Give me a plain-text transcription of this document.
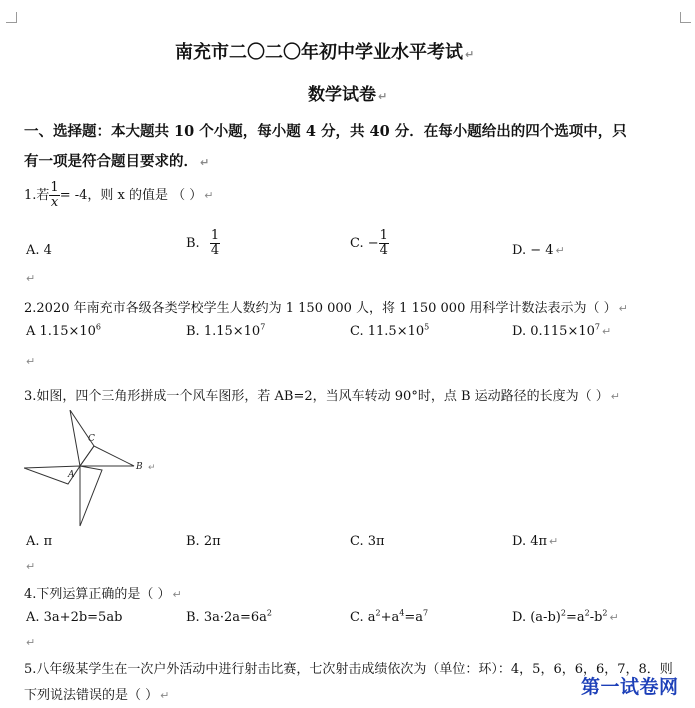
南充市二〇二〇年初中学业水平考试 ↵
数学试卷 ↵
一、选择题：本大题共 10 个小题，每小题 4 分，共 40 分．在每小题给出的四个选项中，只
有一项是符合题目要求的． ↵
1.若 $\frac{1}{x} = -4$，则 x 的值是 （ ） ↵
A. 4	B. $\frac{1}{4}$	C. − $\frac{1}{4}$	D. − 4 ↵
↵
2.2020 年南充市各级各类学校学生人数约为 1 150 000 人，将 1 150 000 用科学计数法表示为（ ） ↵
A $1.15\times 10^6$	B. $1.15\times 10^7$	C. $11.5\times 10^5$	D. $0.115\times 10^7$ ↵
↵
3.如图，四个三角形拼成一个风车图形，若 AB=2，当风车转动 90°时，点 B 运动路径的长度为（ ） ↵
C
B
A
↵
A. π	B. 2π	C. 3π	D. 4π ↵
↵
4.下列运算正确的是（ ） ↵
A. 3a+2b=5ab	B. $3a\cdot 2a=6a^2$	C. $a^2+a^4=a^7$	D. $(a-b)^2=a^2-b^2$ ↵
↵
5.八年级某学生在一次户外活动中进行射击比赛，七次射击成绩依次为（单位：环）：4，5，6，6，6，7，8．则
下列说法错误的是（ ） ↵	第一试卷网
